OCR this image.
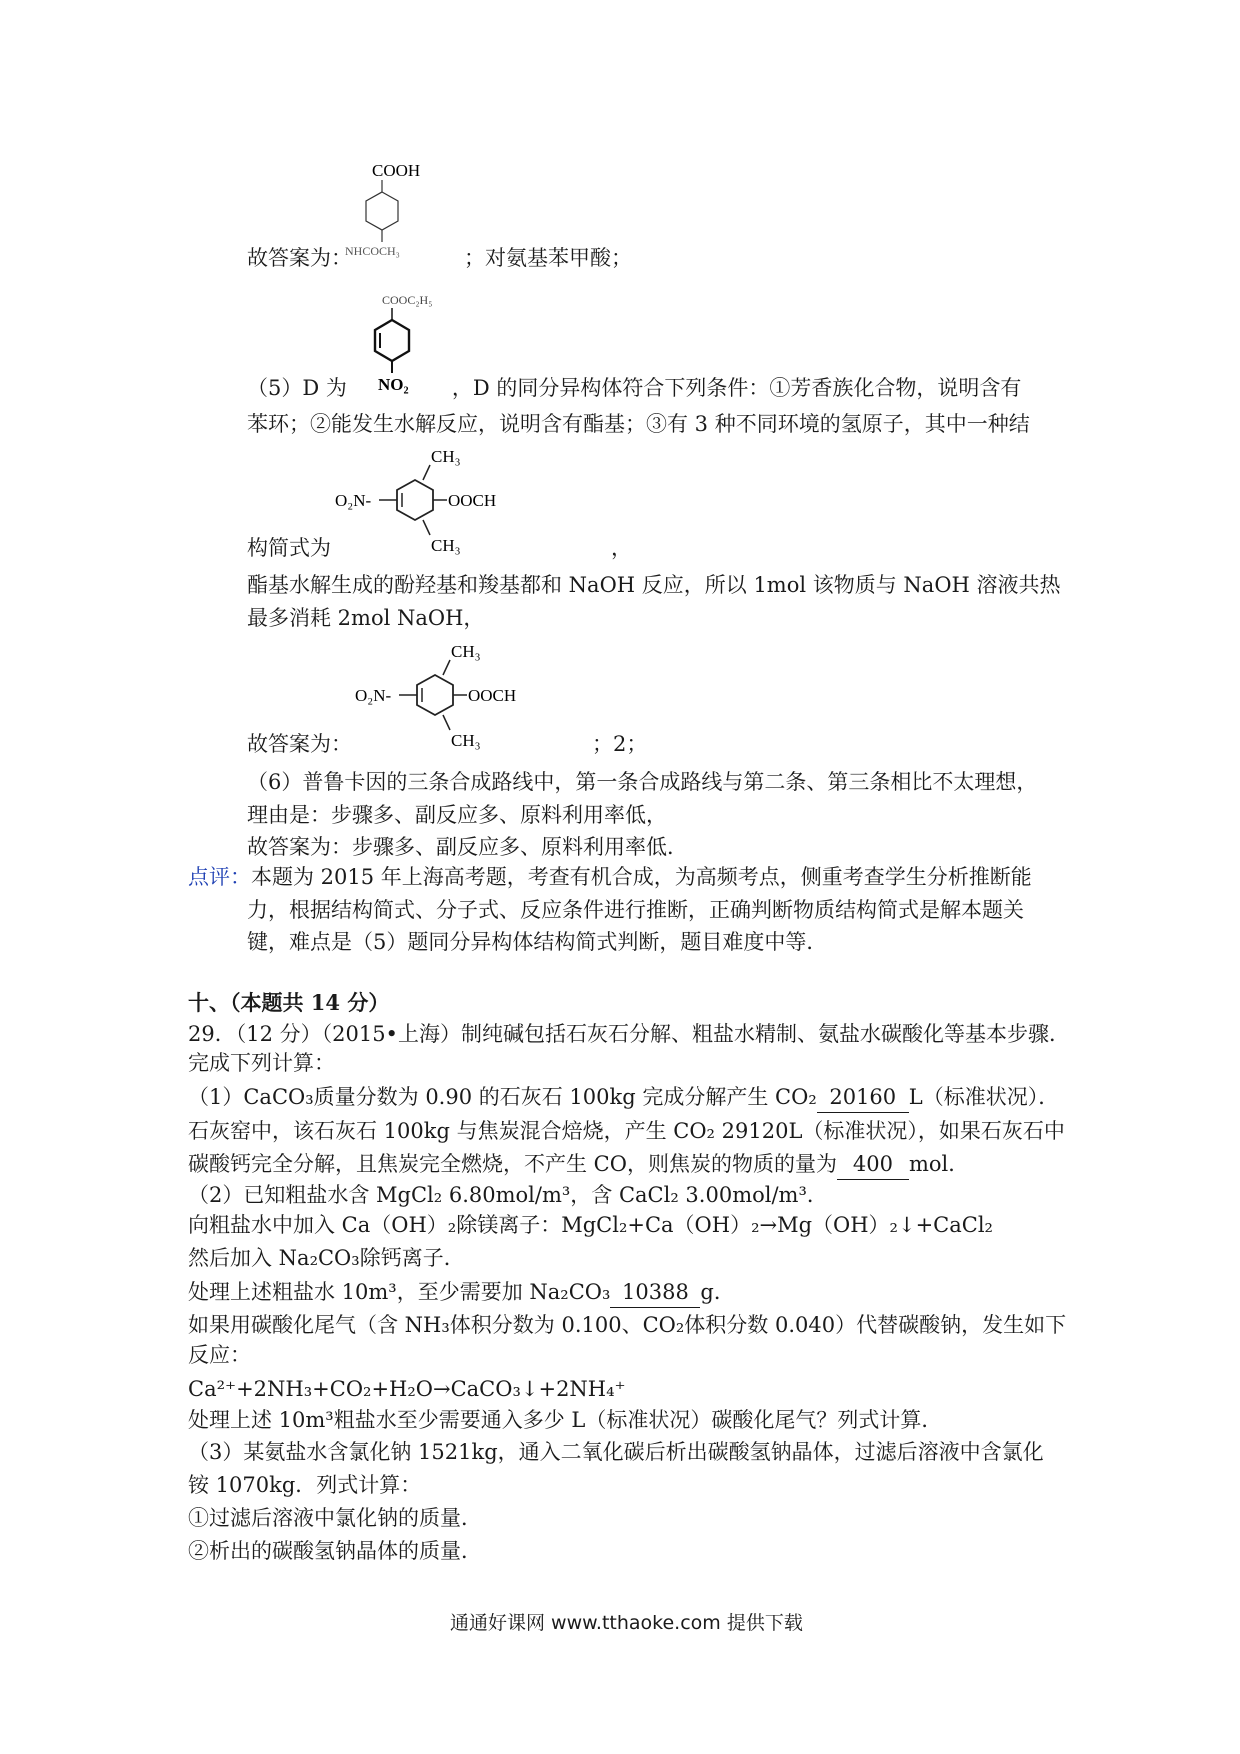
COOH
NHCOCH₃
故答案为：	；对氨基苯甲酸；
COOC₂H₅
NO₂
（5）D 为	，D 的同分异构体符合下列条件：①芳香族化合物，说明含有
苯环；②能发生水解反应，说明含有酯基；③有 3 种不同环境的氢原子，其中一种结
CH₃
O₂N-	OOCH
CH₃
构简式为	，
酯基水解生成的酚羟基和羧基都和 NaOH 反应，所以 1mol 该物质与 NaOH 溶液共热
最多消耗 2mol NaOH，
CH₃
O₂N-	OOCH
CH₃
故答案为：	；2；
（6）普鲁卡因的三条合成路线中，第一条合成路线与第二条、第三条相比不太理想，
理由是：步骤多、副反应多、原料利用率低，
故答案为：步骤多、副反应多、原料利用率低．
点评：本题为 2015 年上海高考题，考查有机合成，为高频考点，侧重考查学生分析推断能
力，根据结构简式、分子式、反应条件进行推断，正确判断物质结构简式是解本题关
键，难点是（5）题同分异构体结构简式判断，题目难度中等．
十、（本题共 14 分）
29．（12 分）（2015•上海）制纯碱包括石灰石分解、粗盐水精制、氨盐水碳酸化等基本步骤．
完成下列计算：
（1）CaCO₃质量分数为 0.90 的石灰石 100kg 完成分解产生 CO₂ 20160 L（标准状况）．
石灰窑中，该石灰石 100kg 与焦炭混合焙烧，产生 CO₂ 29120L（标准状况），如果石灰石中
碳酸钙完全分解，且焦炭完全燃烧，不产生 CO，则焦炭的物质的量为 400 mol．
（2）已知粗盐水含 MgCl₂ 6.80mol/m³，含 CaCl₂ 3.00mol/m³．
向粗盐水中加入 Ca（OH）₂除镁离子：MgCl₂+Ca（OH）₂→Mg（OH）₂↓+CaCl₂
然后加入 Na₂CO₃除钙离子．
处理上述粗盐水 10m³，至少需要加 Na₂CO₃ 10388 g．
如果用碳酸化尾气（含 NH₃体积分数为 0.100、CO₂体积分数 0.040）代替碳酸钠，发生如下
反应：
Ca²⁺+2NH₃+CO₂+H₂O→CaCO₃↓+2NH₄⁺
处理上述 10m³粗盐水至少需要通入多少 L（标准状况）碳酸化尾气？列式计算．
（3）某氨盐水含氯化钠 1521kg，通入二氧化碳后析出碳酸氢钠晶体，过滤后溶液中含氯化
铵 1070kg．列式计算：
①过滤后溶液中氯化钠的质量．
②析出的碳酸氢钠晶体的质量．
通通好课网 www.tthaoke.com 提供下载
